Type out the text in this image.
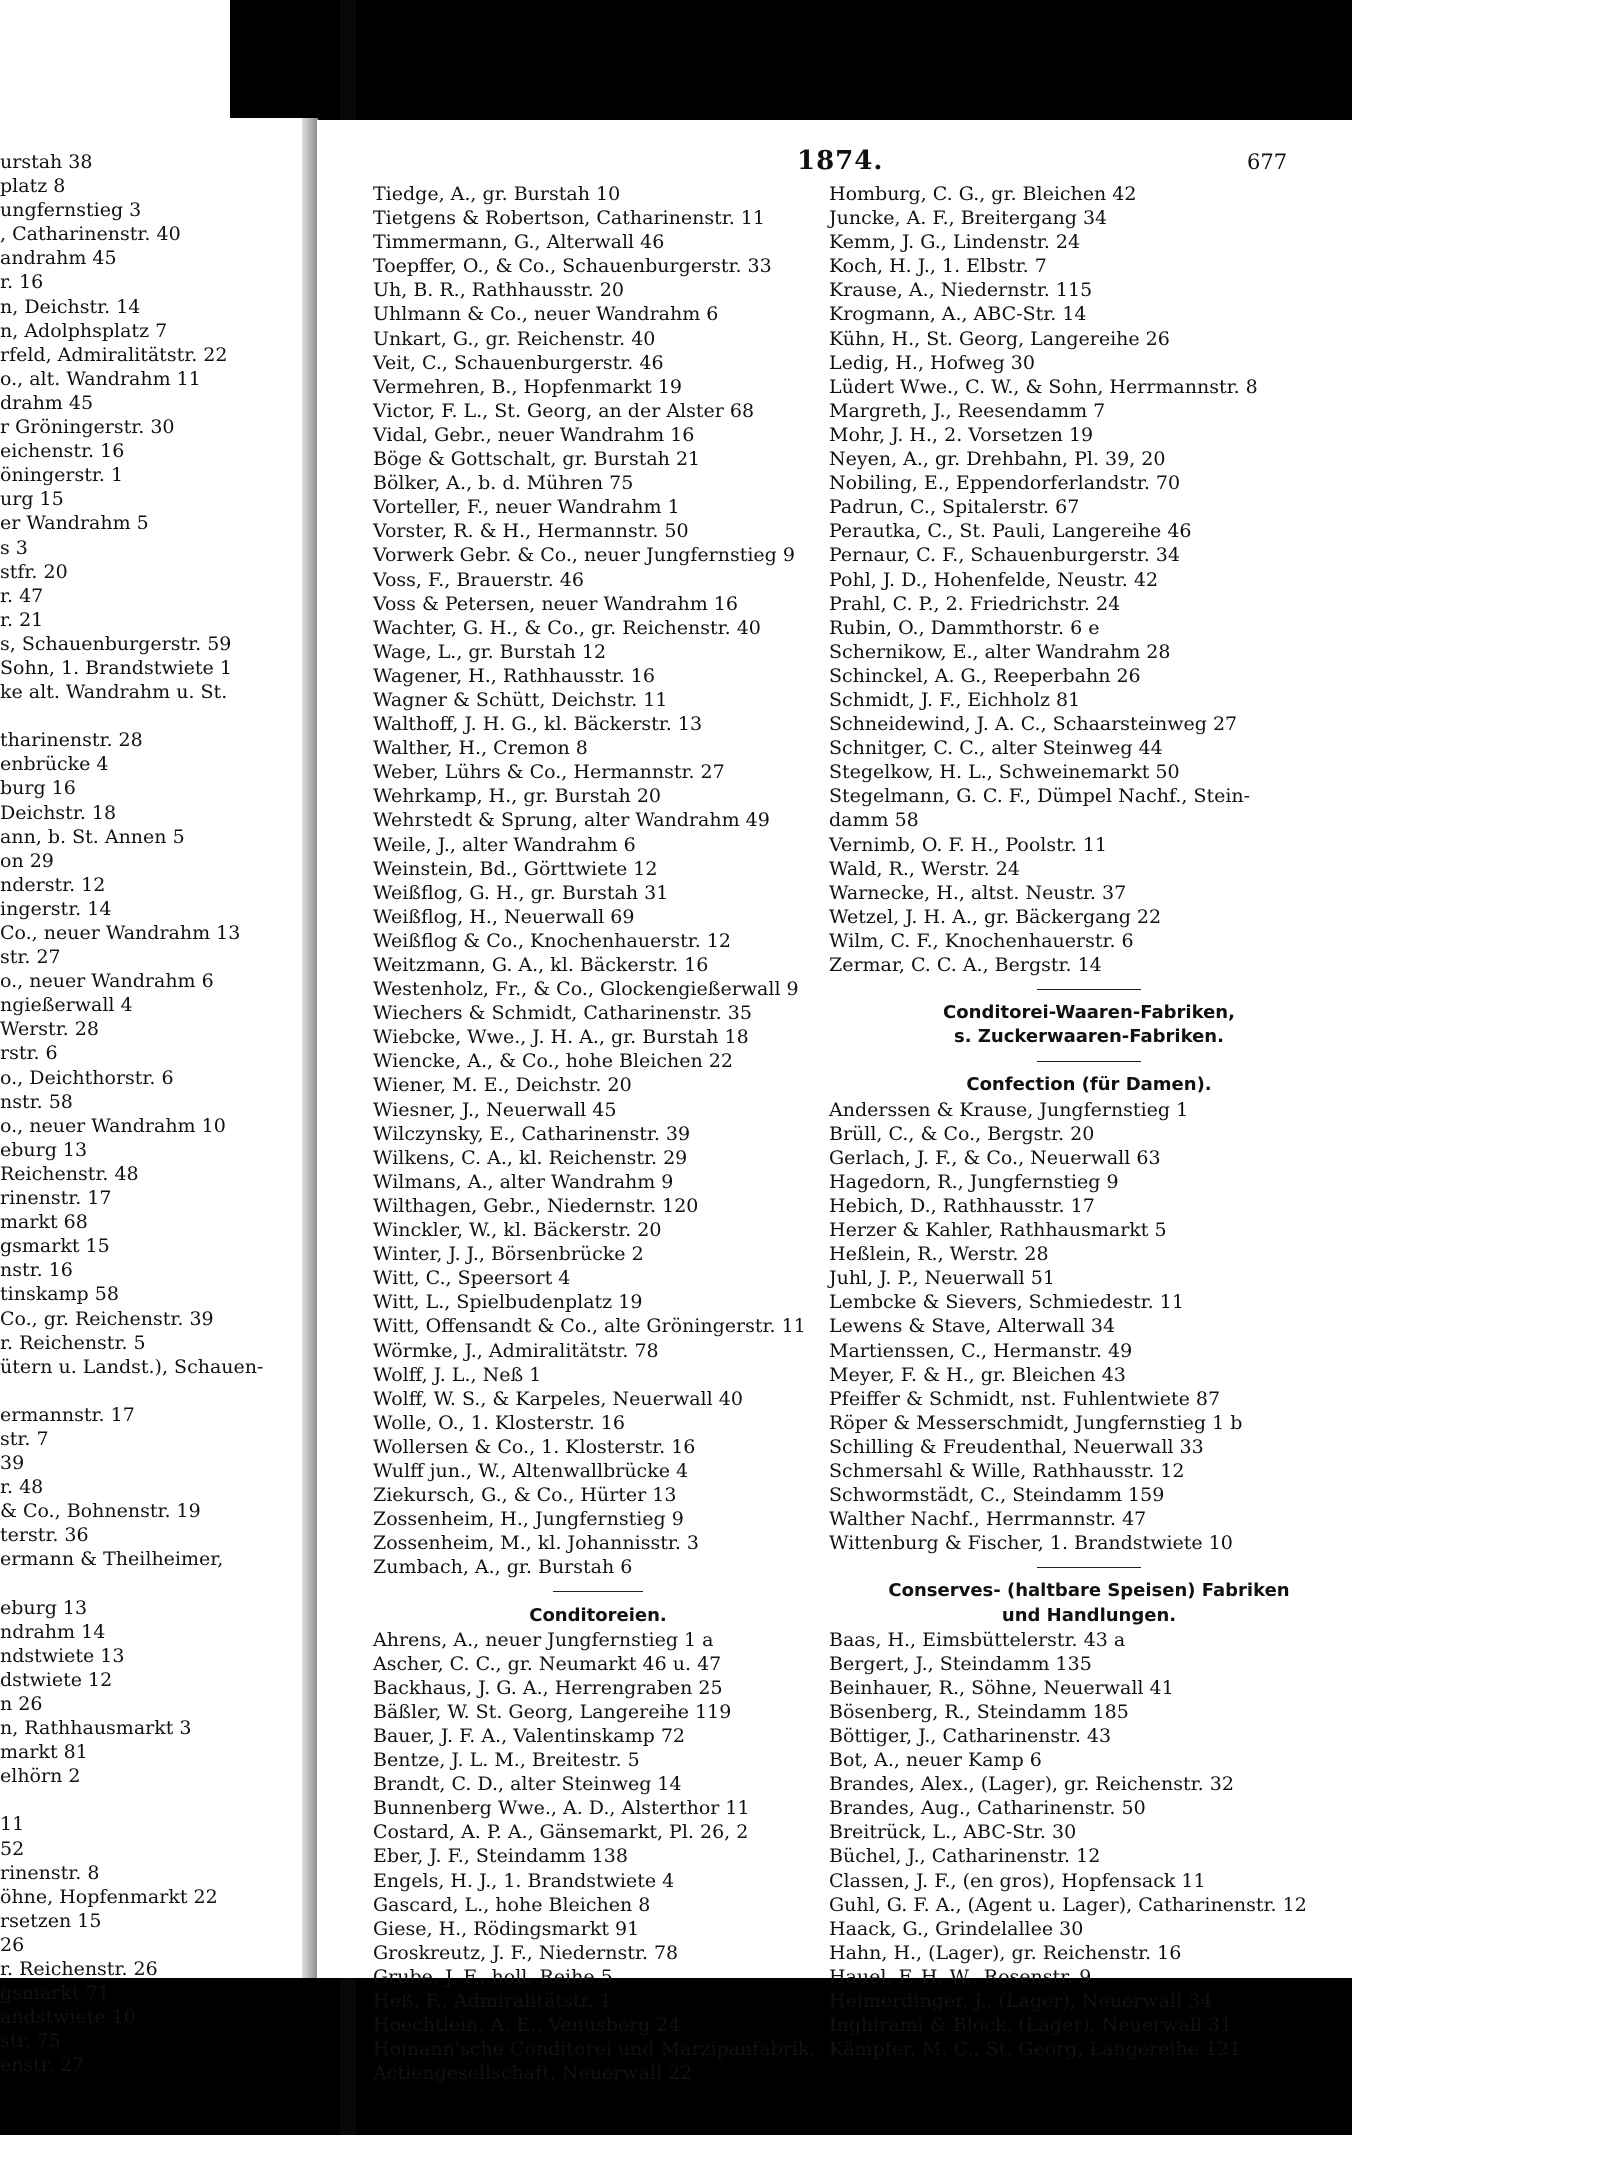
urstah 38
platz 8
ungfernstieg 3
, Catharinenstr. 40
andrahm 45
r. 16
n, Deichstr. 14
n, Adolphsplatz 7
rfeld, Admiralitätstr. 22
o., alt. Wandrahm 11
drahm 45
r Gröningerstr. 30
eichenstr. 16
öningerstr. 1
urg 15
er Wandrahm 5
s 3
stfr. 20
r. 47
r. 21
s, Schauenburgerstr. 59
Sohn, 1. Brandstwiete 1
ke alt. Wandrahm u. St.
tharinenstr. 28
enbrücke 4
burg 16
Deichstr. 18
ann, b. St. Annen 5
on 29
nderstr. 12
ingerstr. 14
Co., neuer Wandrahm 13
str. 27
o., neuer Wandrahm 6
ngießerwall 4
Werstr. 28
rstr. 6
o., Deichthorstr. 6
nstr. 58
o., neuer Wandrahm 10
eburg 13
Reichenstr. 48
rinenstr. 17
markt 68
gsmarkt 15
nstr. 16
tinskamp 58
Co., gr. Reichenstr. 39
r. Reichenstr. 5
ütern u. Landst.), Schauen-
ermannstr. 17
str. 7
39
r. 48
& Co., Bohnenstr. 19
terstr. 36
ermann & Theilheimer,
eburg 13
ndrahm 14
ndstwiete 13
dstwiete 12
n 26
n, Rathhausmarkt 3
markt 81
elhörn 2
11
52
rinenstr. 8
öhne, Hopfenmarkt 22
rsetzen 15
26
r. Reichenstr. 26
gsmarkt 71
andstwiete 10
str. 75
enstr. 27
1874.	677
Tiedge, A., gr. Burstah 10
Tietgens & Robertson, Catharinenstr. 11
Timmermann, G., Alterwall 46
Toepffer, O., & Co., Schauenburgerstr. 33
Uh, B. R., Rathhausstr. 20
Uhlmann & Co., neuer Wandrahm 6
Unkart, G., gr. Reichenstr. 40
Veit, C., Schauenburgerstr. 46
Vermehren, B., Hopfenmarkt 19
Victor, F. L., St. Georg, an der Alster 68
Vidal, Gebr., neuer Wandrahm 16
Böge & Gottschalt, gr. Burstah 21
Bölker, A., b. d. Mühren 75
Vorteller, F., neuer Wandrahm 1
Vorster, R. & H., Hermannstr. 50
Vorwerk Gebr. & Co., neuer Jungfernstieg 9
Voss, F., Brauerstr. 46
Voss & Petersen, neuer Wandrahm 16
Wachter, G. H., & Co., gr. Reichenstr. 40
Wage, L., gr. Burstah 12
Wagener, H., Rathhausstr. 16
Wagner & Schütt, Deichstr. 11
Walthoff, J. H. G., kl. Bäckerstr. 13
Walther, H., Cremon 8
Weber, Lührs & Co., Hermannstr. 27
Wehrkamp, H., gr. Burstah 20
Wehrstedt & Sprung, alter Wandrahm 49
Weile, J., alter Wandrahm 6
Weinstein, Bd., Görttwiete 12
Weißflog, G. H., gr. Burstah 31
Weißflog, H., Neuerwall 69
Weißflog & Co., Knochenhauerstr. 12
Weitzmann, G. A., kl. Bäckerstr. 16
Westenholz, Fr., & Co., Glockengießerwall 9
Wiechers & Schmidt, Catharinenstr. 35
Wiebcke, Wwe., J. H. A., gr. Burstah 18
Wiencke, A., & Co., hohe Bleichen 22
Wiener, M. E., Deichstr. 20
Wiesner, J., Neuerwall 45
Wilczynsky, E., Catharinenstr. 39
Wilkens, C. A., kl. Reichenstr. 29
Wilmans, A., alter Wandrahm 9
Wilthagen, Gebr., Niedernstr. 120
Winckler, W., kl. Bäckerstr. 20
Winter, J. J., Börsenbrücke 2
Witt, C., Speersort 4
Witt, L., Spielbudenplatz 19
Witt, Offensandt & Co., alte Gröningerstr. 11
Wörmke, J., Admiralitätstr. 78
Wolff, J. L., Neß 1
Wolff, W. S., & Karpeles, Neuerwall 40
Wolle, O., 1. Klosterstr. 16
Wollersen & Co., 1. Klosterstr. 16
Wulff jun., W., Altenwallbrücke 4
Ziekursch, G., & Co., Hürter 13
Zossenheim, H., Jungfernstieg 9
Zossenheim, M., kl. Johannisstr. 3
Zumbach, A., gr. Burstah 6
Conditoreien.
Ahrens, A., neuer Jungfernstieg 1 a
Ascher, C. C., gr. Neumarkt 46 u. 47
Backhaus, J. G. A., Herrengraben 25
Bäßler, W. St. Georg, Langereihe 119
Bauer, J. F. A., Valentinskamp 72
Bentze, J. L. M., Breitestr. 5
Brandt, C. D., alter Steinweg 14
Bunnenberg Wwe., A. D., Alsterthor 11
Costard, A. P. A., Gänsemarkt, Pl. 26, 2
Eber, J. F., Steindamm 138
Engels, H. J., 1. Brandstwiete 4
Gascard, L., hohe Bleichen 8
Giese, H., Rödingsmarkt 91
Groskreutz, J. F., Niedernstr. 78
Grube, J. F., holl. Reihe 5
Heß, F., Admiralitätstr. 1
Hoechtlein, A. E., Venusberg 24
Homann'sche Conditorei und Marzipanfabrik,
Actiengesellschaft, Neuerwall 22
Homburg, C. G., gr. Bleichen 42
Juncke, A. F., Breitergang 34
Kemm, J. G., Lindenstr. 24
Koch, H. J., 1. Elbstr. 7
Krause, A., Niedernstr. 115
Krogmann, A., ABC-Str. 14
Kühn, H., St. Georg, Langereihe 26
Ledig, H., Hofweg 30
Lüdert Wwe., C. W., & Sohn, Herrmannstr. 8
Margreth, J., Reesendamm 7
Mohr, J. H., 2. Vorsetzen 19
Neyen, A., gr. Drehbahn, Pl. 39, 20
Nobiling, E., Eppendorferlandstr. 70
Padrun, C., Spitalerstr. 67
Perautka, C., St. Pauli, Langereihe 46
Pernaur, C. F., Schauenburgerstr. 34
Pohl, J. D., Hohenfelde, Neustr. 42
Prahl, C. P., 2. Friedrichstr. 24
Rubin, O., Dammthorstr. 6 e
Schernikow, E., alter Wandrahm 28
Schinckel, A. G., Reeperbahn 26
Schmidt, J. F., Eichholz 81
Schneidewind, J. A. C., Schaarsteinweg 27
Schnitger, C. C., alter Steinweg 44
Stegelkow, H. L., Schweinemarkt 50
Stegelmann, G. C. F., Dümpel Nachf., Stein-
damm 58
Vernimb, O. F. H., Poolstr. 11
Wald, R., Werstr. 24
Warnecke, H., altst. Neustr. 37
Wetzel, J. H. A., gr. Bäckergang 22
Wilm, C. F., Knochenhauerstr. 6
Zermar, C. C. A., Bergstr. 14
Conditorei-Waaren-Fabriken,
s. Zuckerwaaren-Fabriken.
Confection (für Damen).
Anderssen & Krause, Jungfernstieg 1
Brüll, C., & Co., Bergstr. 20
Gerlach, J. F., & Co., Neuerwall 63
Hagedorn, R., Jungfernstieg 9
Hebich, D., Rathhausstr. 17
Herzer & Kahler, Rathhausmarkt 5
Heßlein, R., Werstr. 28
Juhl, J. P., Neuerwall 51
Lembcke & Sievers, Schmiedestr. 11
Lewens & Stave, Alterwall 34
Martienssen, C., Hermanstr. 49
Meyer, F. & H., gr. Bleichen 43
Pfeiffer & Schmidt, nst. Fuhlentwiete 87
Röper & Messerschmidt, Jungfernstieg 1 b
Schilling & Freudenthal, Neuerwall 33
Schmersahl & Wille, Rathhausstr. 12
Schwormstädt, C., Steindamm 159
Walther Nachf., Herrmannstr. 47
Wittenburg & Fischer, 1. Brandstwiete 10
Conserves- (haltbare Speisen) Fabriken
und Handlungen.
Baas, H., Eimsbüttelerstr. 43 a
Bergert, J., Steindamm 135
Beinhauer, R., Söhne, Neuerwall 41
Bösenberg, R., Steindamm 185
Böttiger, J., Catharinenstr. 43
Bot, A., neuer Kamp 6
Brandes, Alex., (Lager), gr. Reichenstr. 32
Brandes, Aug., Catharinenstr. 50
Breitrück, L., ABC-Str. 30
Büchel, J., Catharinenstr. 12
Classen, J. F., (en gros), Hopfensack 11
Guhl, G. F. A., (Agent u. Lager), Catharinenstr. 12
Haack, G., Grindelallee 30
Hahn, H., (Lager), gr. Reichenstr. 16
Hauel, F. H. W., Rosenstr. 9
Heimerdinger, J., (Lager), Neuerwall 34
Inghirami & Block, (Lager), Neuerwall 31
Kämpfer, M. C., St. Georg, Langereihe 121
